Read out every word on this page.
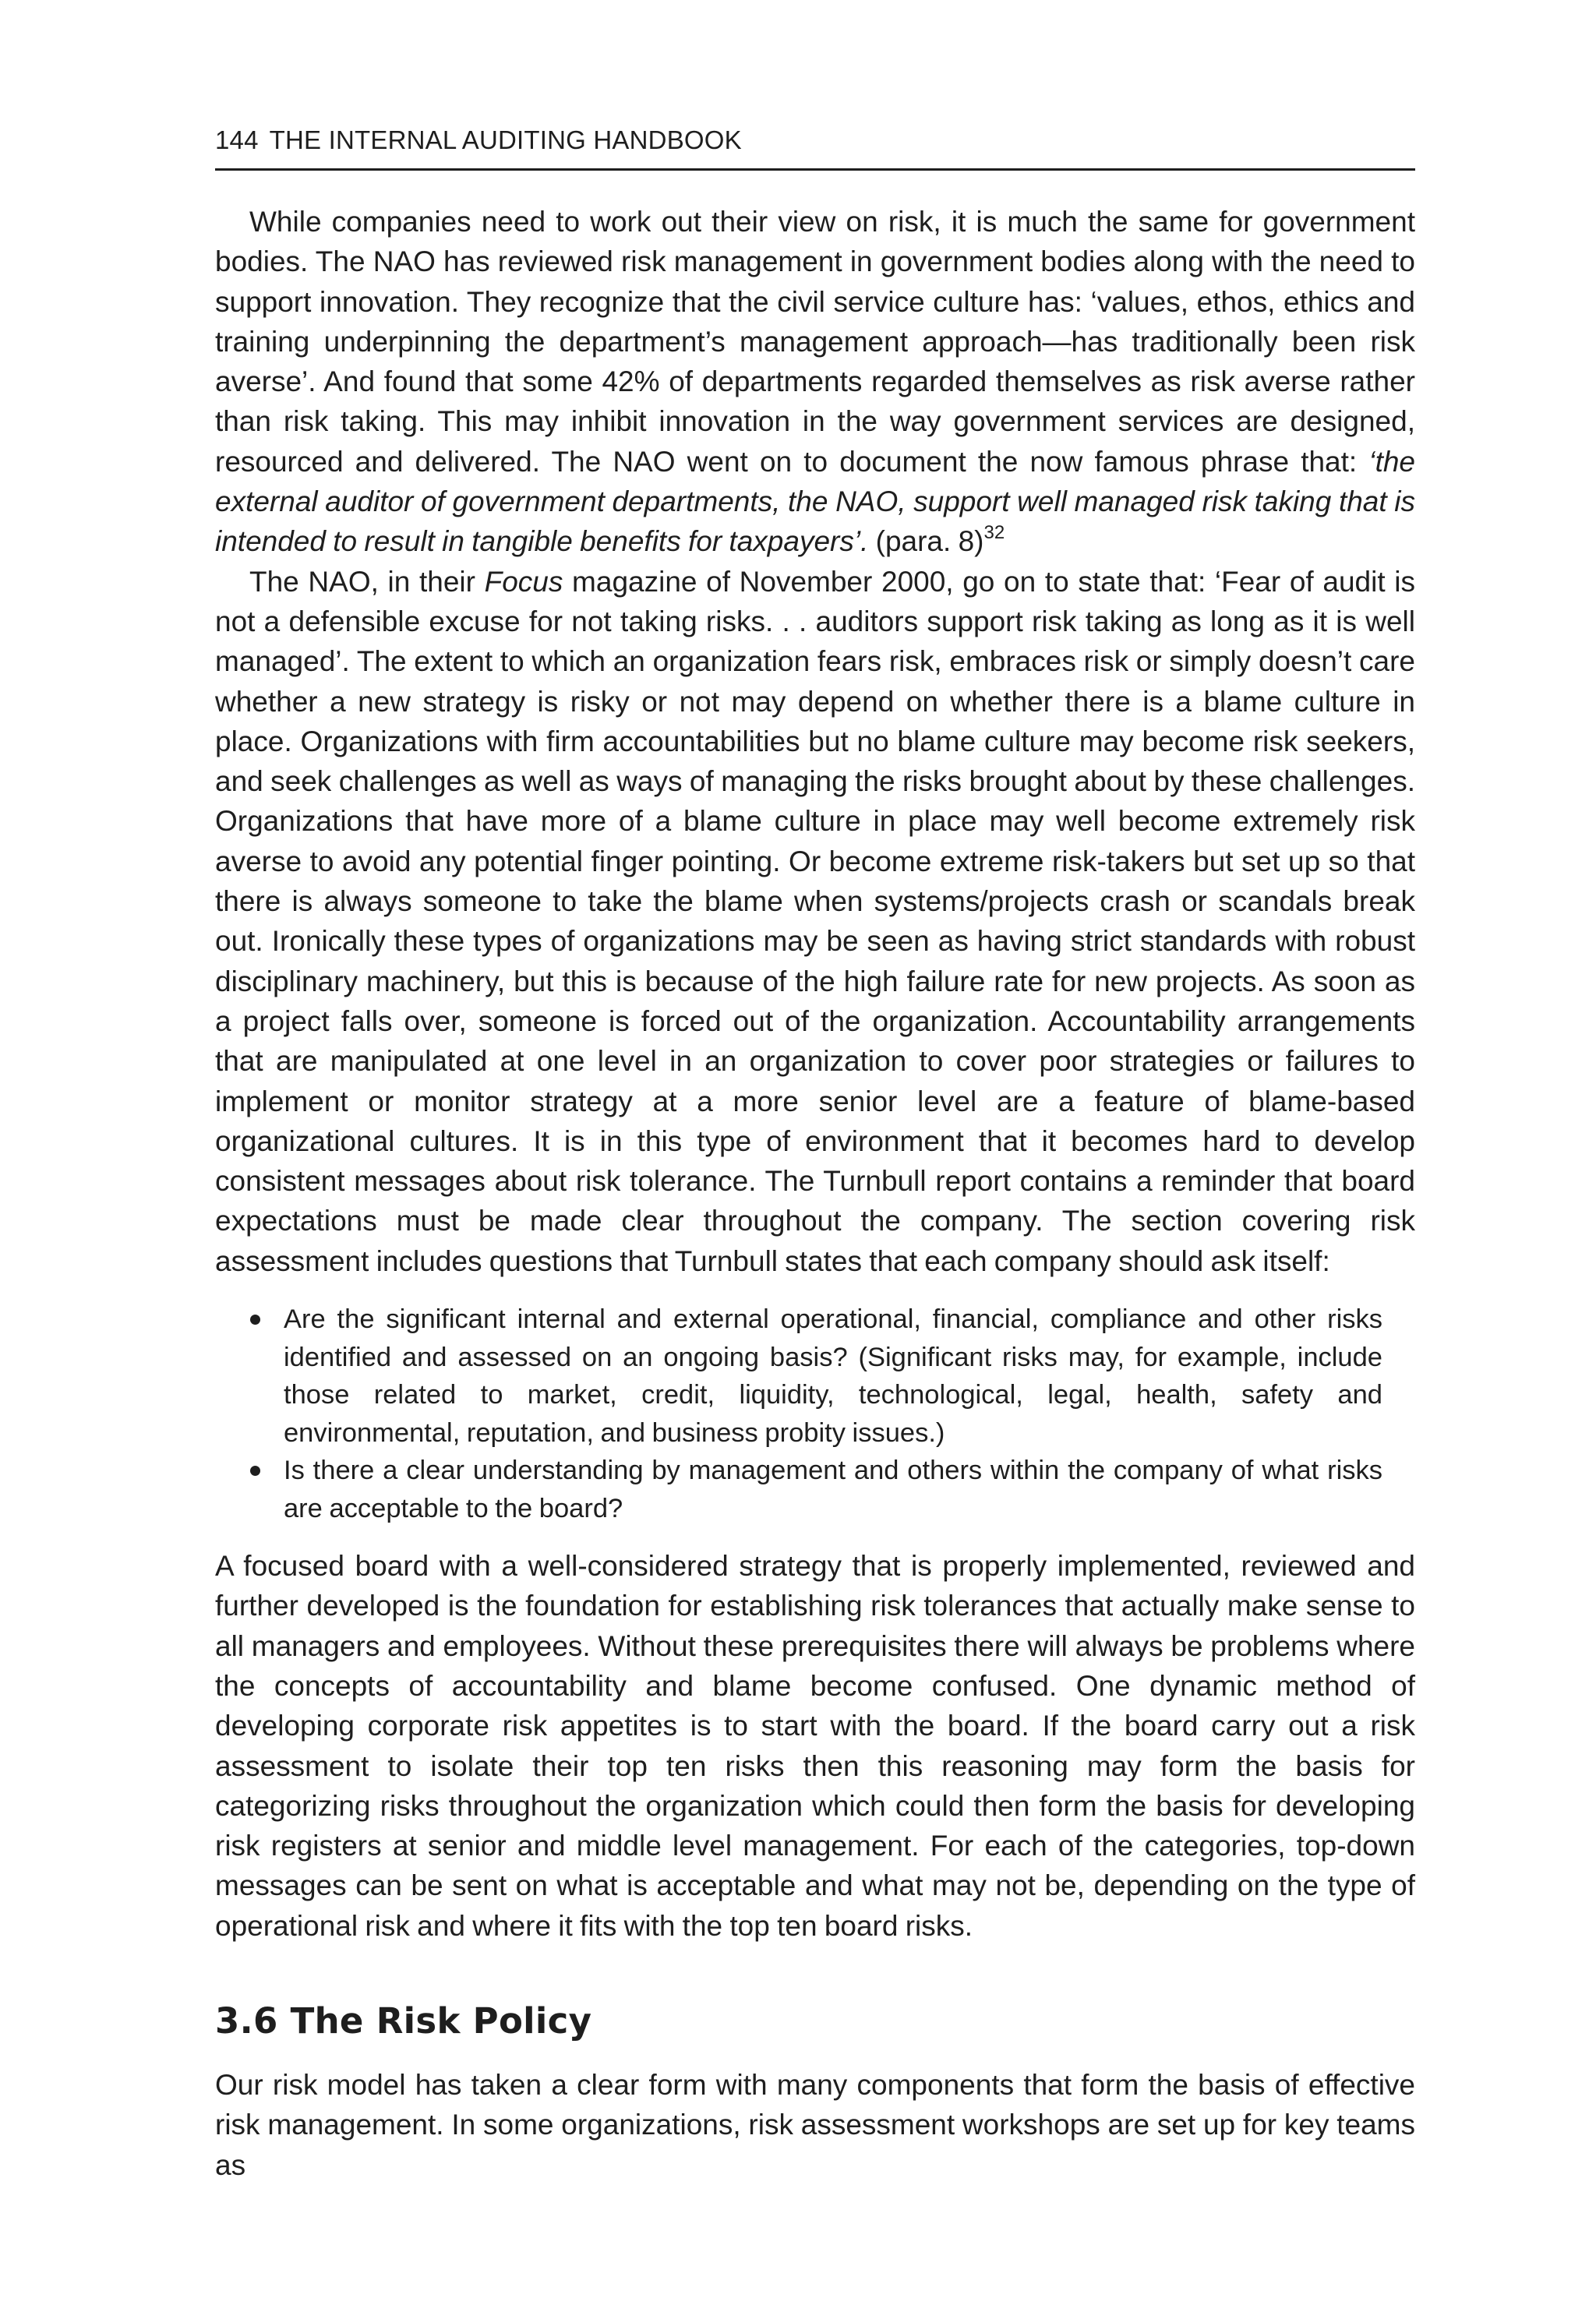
144 THE INTERNAL AUDITING HANDBOOK

While companies need to work out their view on risk, it is much the same for government bodies. The NAO has reviewed risk management in government bodies along with the need to support innovation. They recognize that the civil service culture has: ‘values, ethos, ethics and training underpinning the department’s management approach—has traditionally been risk averse’. And found that some 42% of departments regarded themselves as risk averse rather than risk taking. This may inhibit innovation in the way government services are designed, resourced and delivered. The NAO went on to document the now famous phrase that: ‘the external auditor of government departments, the NAO, support well managed risk taking that is intended to result in tangible benefits for taxpayers’. (para. 8)$^{32}$

The NAO, in their Focus magazine of November 2000, go on to state that: ‘Fear of audit is not a defensible excuse for not taking risks. . . auditors support risk taking as long as it is well managed’. The extent to which an organization fears risk, embraces risk or simply doesn’t care whether a new strategy is risky or not may depend on whether there is a blame culture in place. Organizations with firm accountabilities but no blame culture may become risk seekers, and seek challenges as well as ways of managing the risks brought about by these challenges. Organizations that have more of a blame culture in place may well become extremely risk averse to avoid any potential finger pointing. Or become extreme risk-takers but set up so that there is always someone to take the blame when systems/projects crash or scandals break out. Ironically these types of organizations may be seen as having strict standards with robust disciplinary machinery, but this is because of the high failure rate for new projects. As soon as a project falls over, someone is forced out of the organization. Accountability arrangements that are manipulated at one level in an organization to cover poor strategies or failures to implement or monitor strategy at a more senior level are a feature of blame-based organizational cultures. It is in this type of environment that it becomes hard to develop consistent messages about risk tolerance. The Turnbull report contains a reminder that board expectations must be made clear throughout the company. The section covering risk assessment includes questions that Turnbull states that each company should ask itself:

Are the significant internal and external operational, financial, compliance and other risks identified and assessed on an ongoing basis? (Significant risks may, for example, include those related to market, credit, liquidity, technological, legal, health, safety and environmental, reputation, and business probity issues.)
Is there a clear understanding by management and others within the company of what risks are acceptable to the board?

A focused board with a well-considered strategy that is properly implemented, reviewed and further developed is the foundation for establishing risk tolerances that actually make sense to all managers and employees. Without these prerequisites there will always be problems where the concepts of accountability and blame become confused. One dynamic method of developing corporate risk appetites is to start with the board. If the board carry out a risk assessment to isolate their top ten risks then this reasoning may form the basis for categorizing risks throughout the organization which could then form the basis for developing risk registers at senior and middle level management. For each of the categories, top-down messages can be sent on what is acceptable and what may not be, depending on the type of operational risk and where it fits with the top ten board risks.

3.6 The Risk Policy

Our risk model has taken a clear form with many components that form the basis of effective risk management. In some organizations, risk assessment workshops are set up for key teams as
